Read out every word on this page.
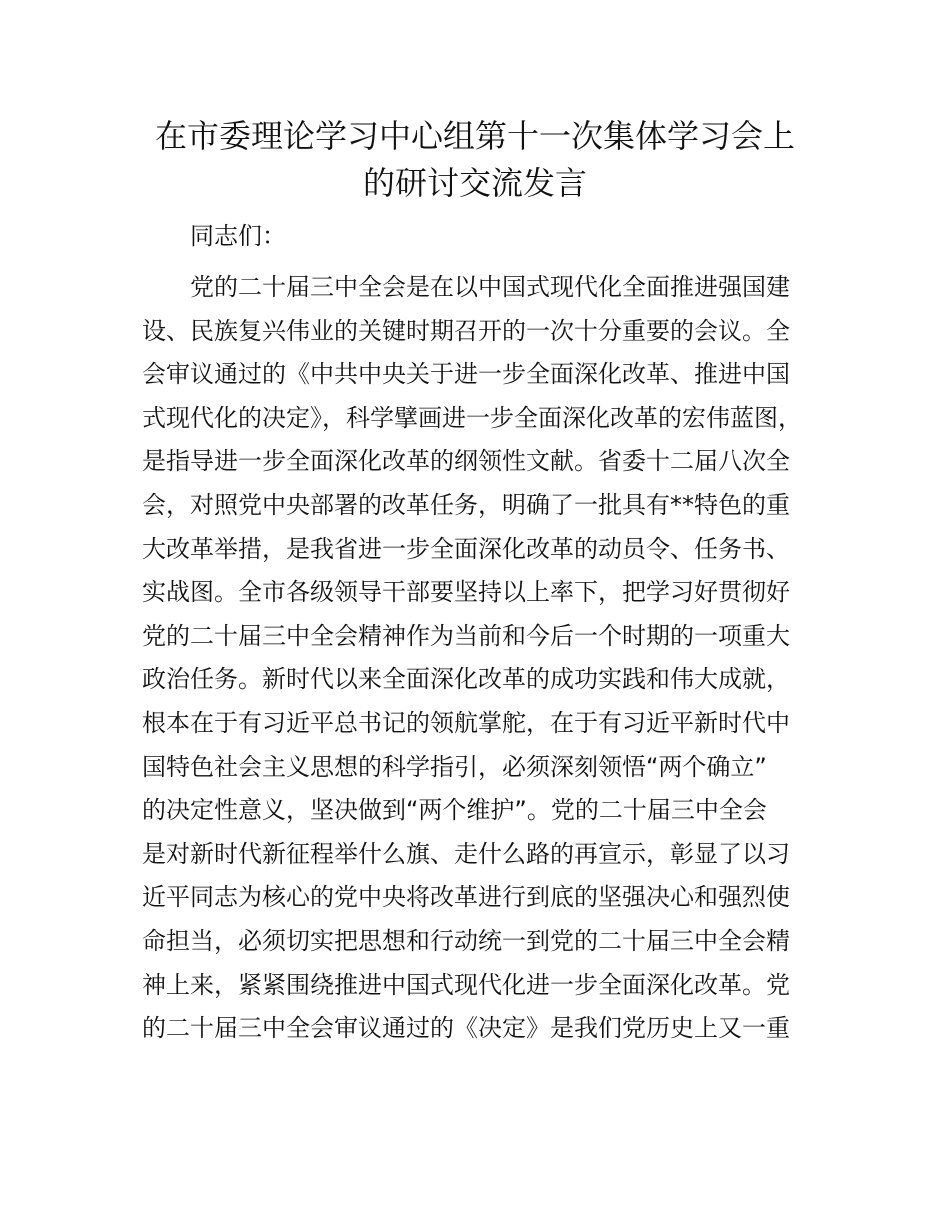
在市委理论学习中心组第十一次集体学习会上
的研讨交流发言

同志们：

党的二十届三中全会是在以中国式现代化全面推进强国建
设、民族复兴伟业的关键时期召开的一次十分重要的会议。全
会审议通过的《中共中央关于进一步全面深化改革、推进中国
式现代化的决定》，科学擘画进一步全面深化改革的宏伟蓝图，
是指导进一步全面深化改革的纲领性文献。省委十二届八次全
会，对照党中央部署的改革任务，明确了一批具有**特色的重
大改革举措，是我省进一步全面深化改革的动员令、任务书、
实战图。全市各级领导干部要坚持以上率下，把学习好贯彻好
党的二十届三中全会精神作为当前和今后一个时期的一项重大
政治任务。新时代以来全面深化改革的成功实践和伟大成就，
根本在于有习近平总书记的领航掌舵，在于有习近平新时代中
国特色社会主义思想的科学指引，必须深刻领悟“两个确立”
的决定性意义，坚决做到“两个维护”。党的二十届三中全会
是对新时代新征程举什么旗、走什么路的再宣示，彰显了以习
近平同志为核心的党中央将改革进行到底的坚强决心和强烈使
命担当，必须切实把思想和行动统一到党的二十届三中全会精
神上来，紧紧围绕推进中国式现代化进一步全面深化改革。党
的二十届三中全会审议通过的《决定》是我们党历史上又一重
